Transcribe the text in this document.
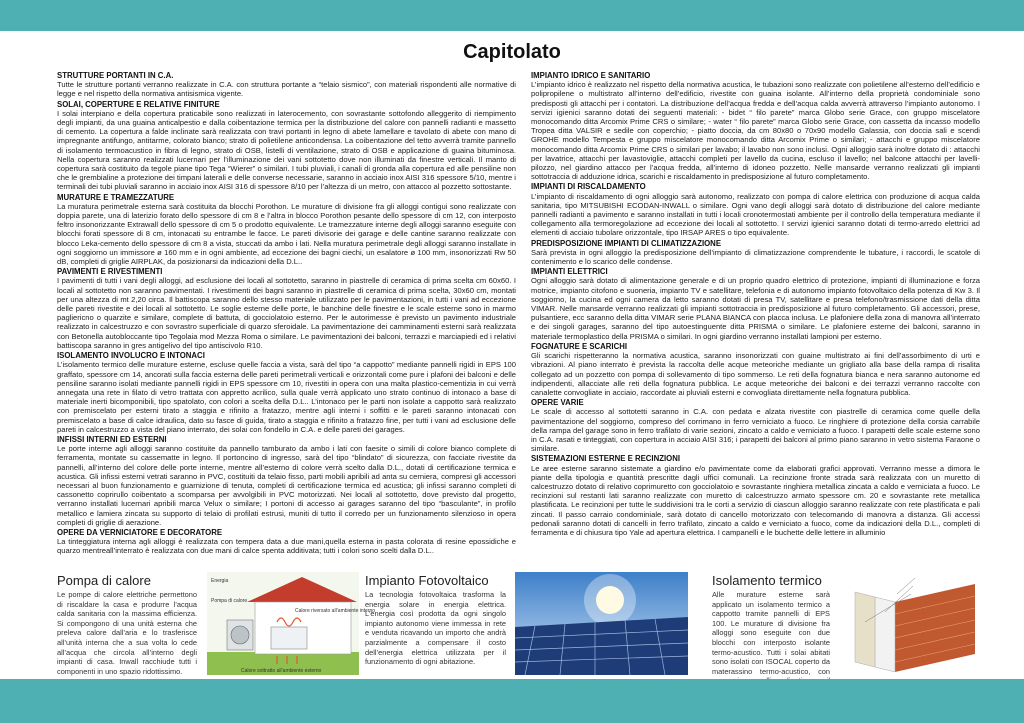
Capitolato
STRUTTURE PORTANTI IN C.A.

Tutte le strutture portanti verranno realizzate in C.A. con struttura portante a “telaio sismico”, con materiali rispondenti alle normative di legge e nel rispetto della normativa antisismica vigente.

SOLAI, COPERTURE E RELATIVE FINITURE

I solai interpiano e della copertura praticabile sono realizzati in laterocemento, con sovrastante sottofondo alleggerito di riempimento degli impianti, da una guaina anticalpestio e dalla coibentazione termica per la distribuzione del calore con pannelli radianti e massetto di cemento. La copertura a falde inclinate sarà realizzata con travi portanti in legno di abete lamellare e tavolato di abete con mano di impregnante antifungo, antitarme, colorato bianco; strato di polietilene anticondensa. La coibentazione del tetto avverrà tramite pannello di isolamento termoacustico in fibra di legno, strato di OSB, listelli di ventilazione, strato di OSB e applicazione di guaina bituminosa. Nella copertura saranno realizzati lucernari per l’illuminazione dei vani sottotetto dove non illuminati da finestre verticali. Il manto di copertura sarà costituito da tegole piane tipo Tega “Wierer” o similari. I tubi pluviali, i canali di gronda alla copertura ed alle pensiline non che le grembialine a protezione dei timpani laterali e delle converse necessarie, saranno in acciaio inox AISI 316 spessore 5/10, mentre i terminali dei tubi pluviali saranno in acciaio inox AISI 316 di spessore 8/10 per l’altezza di un metro, con attacco al pozzetto sottostante.

MURATURE E TRAMEZZATURE

La muratura perimetrale esterna sarà costituita da blocchi Porothon. Le murature di divisione fra gli alloggi contigui sono realizzate con doppia parete, una di laterizio forato dello spessore di cm 8 e l’altra in blocco Porothon pesante dello spessore di cm 12, con interposto feltro insonorizzante Extrawall dello spessore di cm 5 o prodotto equivalente. Le tramezzature interne degli alloggi saranno eseguite con blocchi forati spessore di 8 cm, intonacati su entrambe le facce. Le pareti divisorie dei garage e delle cantine saranno realizzate con blocco Leka-cemento dello spessore di cm 8 a vista, stuccati da ambo i lati. Nella muratura perimetrale degli alloggi saranno installate in ogni soggiorno un immissore ø 160 mm e in ogni ambiente, ad eccezione dei bagni ciechi, un esalatore ø 100 mm, insonorizzati Rw 50 dB, completi di griglie AIRPLAK, da posizionarsi da indicazioni della D.L..

PAVIMENTI E RIVESTIMENTI

I pavimenti di tutti i vani degli alloggi, ad esclusione dei locali al sottotetto, saranno in piastrelle di ceramica di prima scelta cm 60x60. I locali al sottotetto non saranno pavimentati. I rivestimenti dei bagni saranno in piastrelle di ceramica di prima scelta, 30x60 cm, montati per una altezza di mt 2,20 circa. Il battiscopa saranno dello stesso materiale utilizzato per le pavimentazioni, in tutti i vani ad eccezione delle pareti rivestite e dei locali al sottotetto. Le soglie esterne delle porte, le banchine delle finestre e le scale esterne sono in marmo pagliericno o quarzite e similare, complete di battuta, di gocciolatoio esterno. Per le autorimesse è previsto un pavimento industriale realizzato in calcestruzzo e con sovrastro superficiale di quarzo sferoidale. La pavimentazione dei camminamenti esterni sarà realizzata con Betonella autobloccante tipo Tegolaia mod Mezza Roma o similare. Le pavimentazioni dei balconi, terrazzi e marciapiedi ed i relativi battiscopa saranno in gres antigelivo del tipo antiscivolo R10.

ISOLAMENTO INVOLUCRO E INTONACI

L’isolamento termico delle murature esterne, escluse quelle faccia a vista, sarà del tipo “a cappotto” mediante pannelli rigidi in EPS 100 graffato, spessore cm 14, ancorati sulla faccia esterna delle pareti perimetrali verticali e orizzontali come pure i plafoni dei balconi e delle pensiline saranno isolati mediante pannelli rigidi in EPS spessore cm 10, rivestiti in opera con una malta plastico-cementizia in cui verrà annegata una rete in filato di vetro trattata con appretto acrilico, sulla quale verrà applicato uno strato continuo di intonaco a base di materiale inerti bicomponibili, tipo spatolato, con colori a scelta della D.L.. L’intonaco per le parti non isolate a cappotto sarà realizzato con premiscelato per esterni tirato a staggia e rifinito a fratazzo, mentre agli interni i soffitti e le pareti saranno intonacati con premiscelato a base di calce idraulica, dato su fasce di guida, tirato a staggia e rifinito a fratazzo fine, per tutti i vani ad esclusione delle pareti in calcestruzzo a vista del piano interrato, dei solai con fondello in C.A. e delle pareti dei garages.

INFISSI INTERNI ED ESTERNI

Le porte interne agli alloggi saranno costituite da pannello tamburato da ambo i lati con faesite o simili di colore bianco complete di ferramenta, montate su cassematte in legno. Il portoncino di ingresso, sarà del tipo “blindato” di sicurezza, con facciate rivestite da pannelli, all’interno del colore delle porte interne, mentre all’esterno di colore verrà scelto dalla D.L., dotati di certificazione termica e acustica. Gli infissi esterni vetrati saranno in PVC, costituiti da telaio fisso, parti mobili apribili ad anta su cerniera, compresi gli accessori necessari al buon funzionamento e guarnizione di tenuta, completi di certificazione termica ed acustica; gli infissi saranno completi di cassonetto coprirullo coibentato a scomparsa per avvolgibili in PVC motorizzati. Nei locali al sottotetto, dove previsto dal progetto, verranno installati lucernari apribili marca Velux o similare; I portoni di accesso ai garages saranno del tipo “basculante”, in profilo metallico e lamiera zincata su supporto di telaio di profilati estrusi, muniti di tutto il corredo per un funzionamento silenzioso in opera completi di griglie di aerazione.

OPERE DA VERNICIATORE E DECORATORE

La tinteggiatura interna agli alloggi è realizzata con tempera data a due mani,quella esterna in pasta colorata di resine epossidiche e quarzo mentreall’interrato è realizzata con due mani di calce spenta additivata; tutti i colori sono scelti dalla D.L..

IMPIANTO IDRICO E SANITARIO

L’impianto idrico è realizzato nel rispetto della normativa acustica, le tubazioni sono realizzate con polietilene all’esterno dell’edificio e polipropilene o multistrato all’interno dell’edificio, rivestite con guaina isolante. All’interno della proprietà condominiale sono predisposti gli attacchi per i contatori. La distribuzione dell’acqua fredda e dell’acqua calda avverrà attraverso l’impianto autonomo. I servizi igienici saranno dotati dei seguenti materiali: - bidet “ filo parete” marca Globo serie Grace, con gruppo miscelatore monocomando ditta Arcomix Prime CRS o similare; - water “ filo parete” marca Globo serie Grace, con cassetta da incasso modello Tropea ditta VALSIR e sedile con coperchio; - piatto doccia, da cm 80x80 o 70x90 modello Galassia, con doccia sali e scendi GROHE modello Tempesta e gruppo miscelatore monocomando ditta Arcomix Prime o similari; - attacchi e gruppo miscelatore monocomando ditta Arcomix Prime CRS o similari per lavabo; il lavabo non sono inclusi. Ogni alloggio sarà inoltre dotato di : attacchi per lavatrice, attacchi per lavastoviglie, attacchi completi per lavello da cucina, escluso il lavello; nel balcone attacchi per lavelli-pilozzo, nel giardino attacco per l’acqua fredda, all’interno di idoneo pozzetto. Nelle mansarde verranno realizzati gli impianti sottotraccia di adduzione idrica, scarichi e riscaldamento in predisposizione al futuro completamento.

IMPIANTI DI RISCALDAMENTO

L’impianto di riscaldamento di ogni alloggio sarà autonomo, realizzato con pompa di calore elettrica con produzione di acqua calda sanitaria, tipo MITSUBISHI ECODAN-INWALL o similare. Ogni vano degli alloggi sarà dotato di distribuzione del calore mediante pannelli radianti a pavimento e saranno installati in tutti i locali cronotermostati ambiente per il controllo della temperatura mediante il collegamento alla termoregolazione ad eccezione dei locali al sottotetto. I servizi igienici saranno dotati di termo-arredo elettrici ad elementi di acciaio tubolare orizzontale, tipo IRSAP ARES o tipo equivalente.

PREDISPOSIZIONE IMPIANTI DI CLIMATIZZAZIONE

Sarà prevista in ogni alloggio la predisposizione dell’impianto di climatizzazione comprendente le tubature, i raccordi, le scatole di contenimento e lo scarico delle condense.

IMPIANTI ELETTRICI

Ogni alloggio sarà dotato di alimentazione generale e di un proprio quadro elettrico di protezione, impianti di illuminazione e forza motrice, impianto citofono e suoneria, impianto TV e satellitare, telefonia e di autonomo impianto fotovoltaico della potenza di Kw 3. Il soggiorno, la cucina ed ogni camera da letto saranno dotati di presa TV, satellitare e presa telefono/trasmissione dati della ditta VIMAR. Nelle mansarde verranno realizzati gli impianti sottotraccia in predisposizione al futuro completamento. Gli accessori, prese, pulsantiere, ecc saranno della ditta VIMAR serie PLANA BIANCA con placca inclusa. Le plafoniere della zona di manovra all’interrato e dei singoli garages, saranno del tipo autoestinguente ditta PRISMA o similare. Le plafoniere esterne dei balconi, saranno in materiale termoplastico della PRISMA o similari. In ogni giardino verranno installati lampioni per esterno.

FOGNATURE E SCARICHI

Gli scarichi rispetteranno la normativa acustica, saranno insonorizzati con guaine multistrato ai fini dell’assorbimento di urti e vibrazioni. Al piano interrato è prevista la raccolta delle acque meteoriche mediante un grigliato alla base della rampa di risalita collegato ad un pozzetto con pompa di sollevamento di tipo sommerso. Le reti della fognatura bianca e nera saranno autonome ed indipendenti, allacciate alle reti della fognatura pubblica. Le acque meteoriche dei balconi e dei terrazzi verranno raccolte con canalette convogliate in acciaio, raccordate ai pluviali esterni e convogliata direttamente nella fognatura pubblica.

OPERE VARIE

Le scale di accesso al sottotetti saranno in C.A. con pedata e alzata rivestite con piastrelle di ceramica come quelle della pavimentazione del soggiorno, compreso del corrimano in ferro verniciato a fuoco. Le ringhiere di protezione della corsia carrabile della rampa del garage sono in ferro trafilato di varie sezioni, zincato a caldo e verniciato a fuoco. I parapetti delle scale esterne sono in C.A. rasati e tinteggiati, con copertura in acciaio AISI 316; i parapetti dei balconi al primo piano saranno in vetro sistema Faraone o similare.

SISTEMAZIONI ESTERNE E RECINZIONI

Le aree esterne saranno sistemate a giardino e/o pavimentate come da elaborati grafici approvati. Verranno messe a dimora le piante della tipologia e quantità prescritte dagli uffici comunali. La recinzione fronte strada sarà realizzata con un muretto di calcestruzzo dotato di relativo coprimuretto con gocciolatoio e sovrastante ringhiera metallica zincata a caldo e verniciata a fuoco. Le recinzioni sul restanti lati saranno realizzate con muretto di calcestruzzo armato spessore cm. 20 e sovrastante rete metallica plastificata. Le recinzioni per tutte le suddivisioni tra le corti a servizio di ciascun alloggio saranno realizzate con rete plastificata e pali zincati. Il passo carraio condominiale, sarà dotato di cancello motorizzato con telecomando di manovra a distanza. Gli accessi pedonali saranno dotati di cancelli in ferro trafilato, zincato a caldo e verniciato a fuoco, come da indicazioni della D.L., completi di ferramenta e di chiusura tipo Yale ad apertura elettrica. I campanelli e le buchette delle lettere in alluminio

Pompa di calore
Le pompe di calore elettriche permettono di riscaldare la casa e produrre l’acqua calda sanitaria con la massima efficienza. Si compongono di una unità esterna che preleva calore dall’aria e lo trasferisce all’unità interna che a sua volta lo cede all’acqua che circola all’interno degli impianti di casa. Inwall racchiude tutti i componenti in uno spazio ridottissimo.
Energia
Pompa di calore
Calore riversato all’ambiente interno
Calore sottratto all’ambiente esterno
Impianto Fotovoltaico
La tecnologia fotovoltaica trasforma la energia solare in energia elettrica. L’energia così prodotta da ogni singolo impianto autonomo viene immessa in rete e venduta ricavando un importo che andrà parzialmente a compensare il costo dell’energia elettrica utilizzata per il funzionamento di ogni abitazione.
Isolamento termico
Alle murature esterne sarà applicato un isolamento termico a cappotto tramite pannelli di EPS 100. Le murature di divisione fra alloggi sono eseguite con due blocchi con interposto isolante termo-acustico. Tutti i solai abitati sono isolati con ISOCAL coperto da materassino termo-acustico, con
